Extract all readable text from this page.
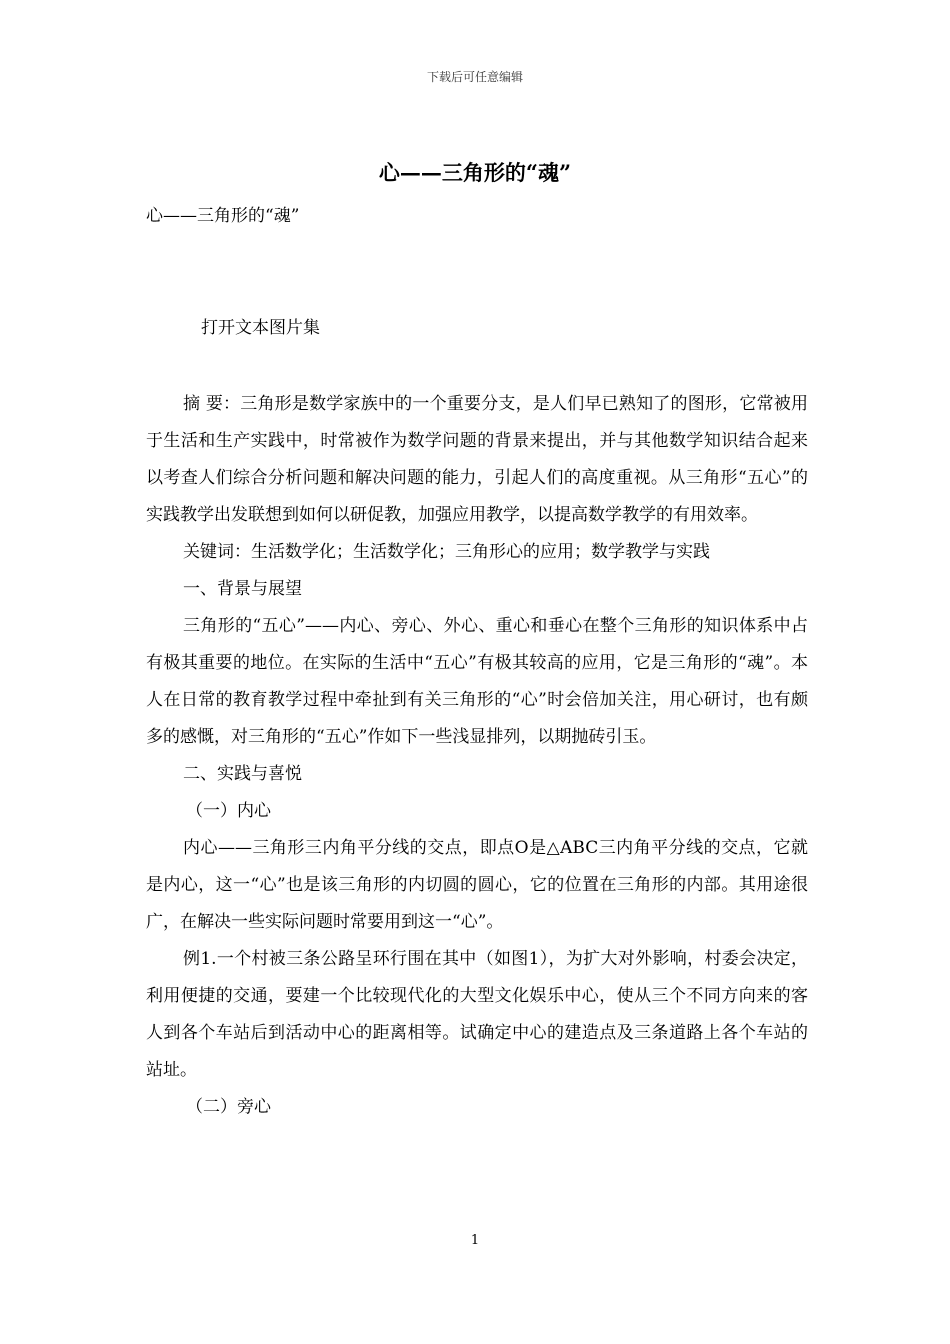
下载后可任意编辑
心——三角形的“魂”
心——三角形的“魂”
打开文本图片集

摘 要：三角形是数学家族中的一个重要分支，是人们早已熟知了的图形，它常被用于生活和生产实践中，时常被作为数学问题的背景来提出，并与其他数学知识结合起来以考查人们综合分析问题和解决问题的能力，引起人们的高度重视。从三角形“五心”的实践教学出发联想到如何以研促教，加强应用教学，以提高数学教学的有用效率。

关键词：生活数学化；生活数学化；三角形心的应用；数学教学与实践

一、背景与展望

三角形的“五心”——内心、旁心、外心、重心和垂心在整个三角形的知识体系中占有极其重要的地位。在实际的生活中“五心”有极其较高的应用，它是三角形的“魂”。本人在日常的教育教学过程中牵扯到有关三角形的“心”时会倍加关注，用心研讨，也有颇多的感慨，对三角形的“五心”作如下一些浅显排列，以期抛砖引玉。

二、实践与喜悦

（一）内心

内心——三角形三内角平分线的交点，即点O是△ABC三内角平分线的交点，它就是内心，这一“心”也是该三角形的内切圆的圆心，它的位置在三角形的内部。其用途很广，在解决一些实际问题时常要用到这一“心”。

例1.一个村被三条公路呈环行围在其中（如图1），为扩大对外影响，村委会决定，利用便捷的交通，要建一个比较现代化的大型文化娱乐中心，使从三个不同方向来的客人到各个车站后到活动中心的距离相等。试确定中心的建造点及三条道路上各个车站的站址。

（二）旁心

1
